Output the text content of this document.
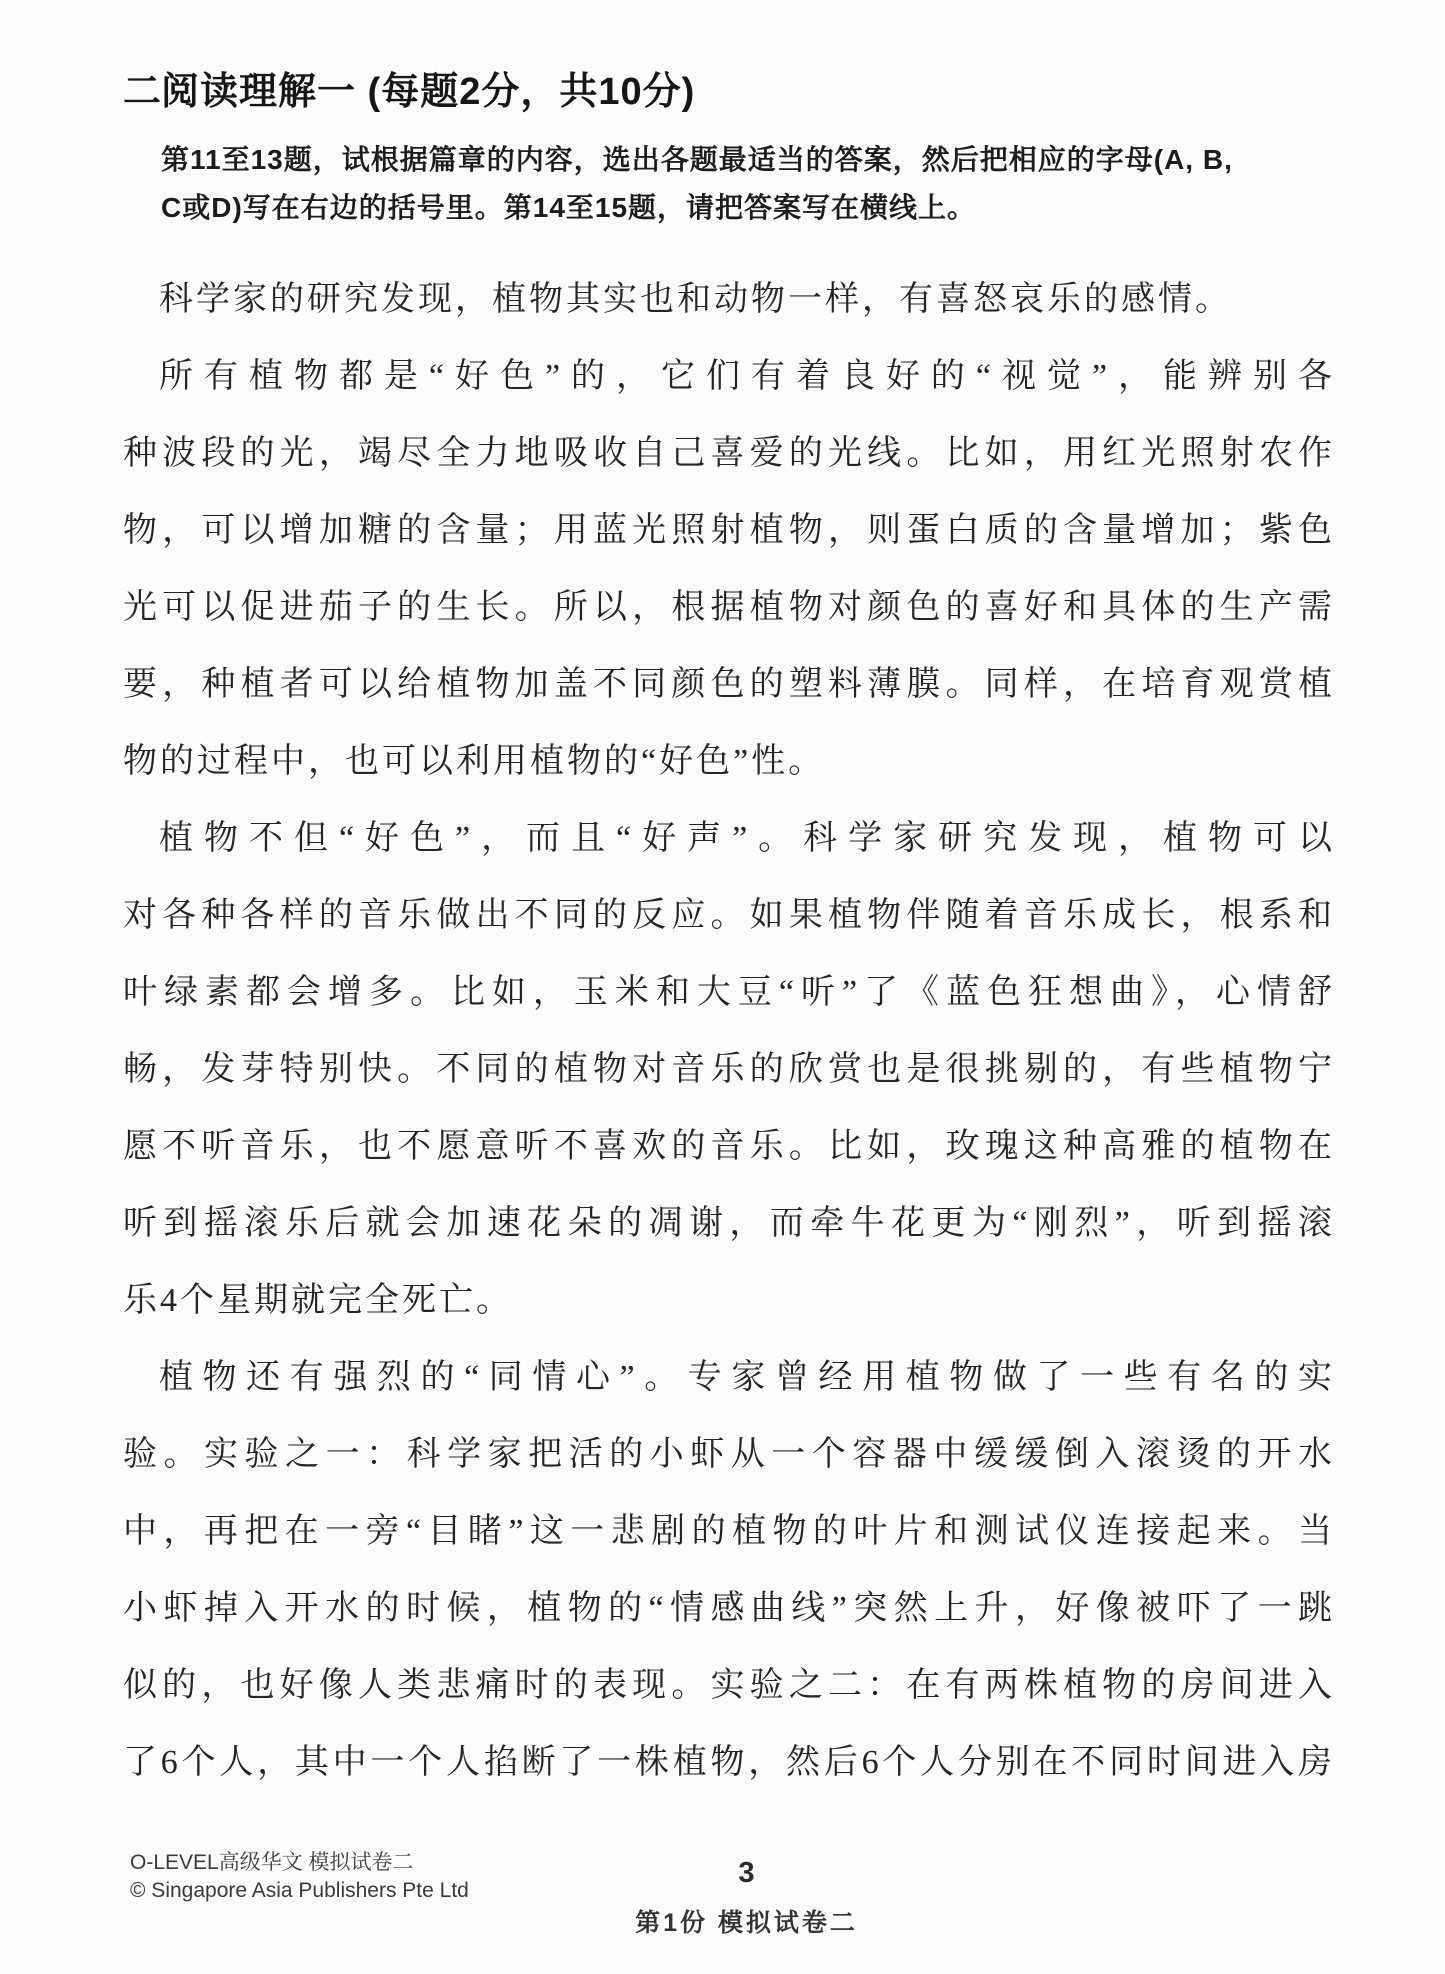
二 阅读理解一 (每题2分，共10分)
第11至13题，试根据篇章的内容，选出各题最适当的答案，然后把相应的字母(A, B,
C或D)写在右边的括号里。第14至15题，请把答案写在横线上。

科学家的研究发现，植物其实也和动物一样，有喜怒哀乐的感情。

所有植物都是“好色”的，它们有着良好的“视觉”，能辨别各
种波段的光，竭尽全力地吸收自己喜爱的光线。比如，用红光照射农作
物，可以增加糖的含量；用蓝光照射植物，则蛋白质的含量增加；紫色
光可以促进茄子的生长。所以，根据植物对颜色的喜好和具体的生产需
要，种植者可以给植物加盖不同颜色的塑料薄膜。同样，在培育观赏植
物的过程中，也可以利用植物的“好色”性。

植物不但“好色”，而且“好声”。科学家研究发现，植物可以
对各种各样的音乐做出不同的反应。如果植物伴随着音乐成长，根系和
叶绿素都会增多。比如，玉米和大豆“听”了《蓝色狂想曲》，心情舒
畅，发芽特别快。不同的植物对音乐的欣赏也是很挑剔的，有些植物宁
愿不听音乐，也不愿意听不喜欢的音乐。比如，玫瑰这种高雅的植物在
听到摇滚乐后就会加速花朵的凋谢，而牵牛花更为“刚烈”，听到摇滚
乐4个星期就完全死亡。

植物还有强烈的“同情心”。专家曾经用植物做了一些有名的实
验。实验之一：科学家把活的小虾从一个容器中缓缓倒入滚烫的开水
中，再把在一旁“目睹”这一悲剧的植物的叶片和测试仪连接起来。当
小虾掉入开水的时候，植物的“情感曲线”突然上升，好像被吓了一跳
似的，也好像人类悲痛时的表现。实验之二：在有两株植物的房间进入
了6个人，其中一个人掐断了一株植物，然后6个人分别在不同时间进入房

O-LEVEL高级华文 模拟试卷二
© Singapore Asia Publishers Pte Ltd
3
第1份 模拟试卷二
